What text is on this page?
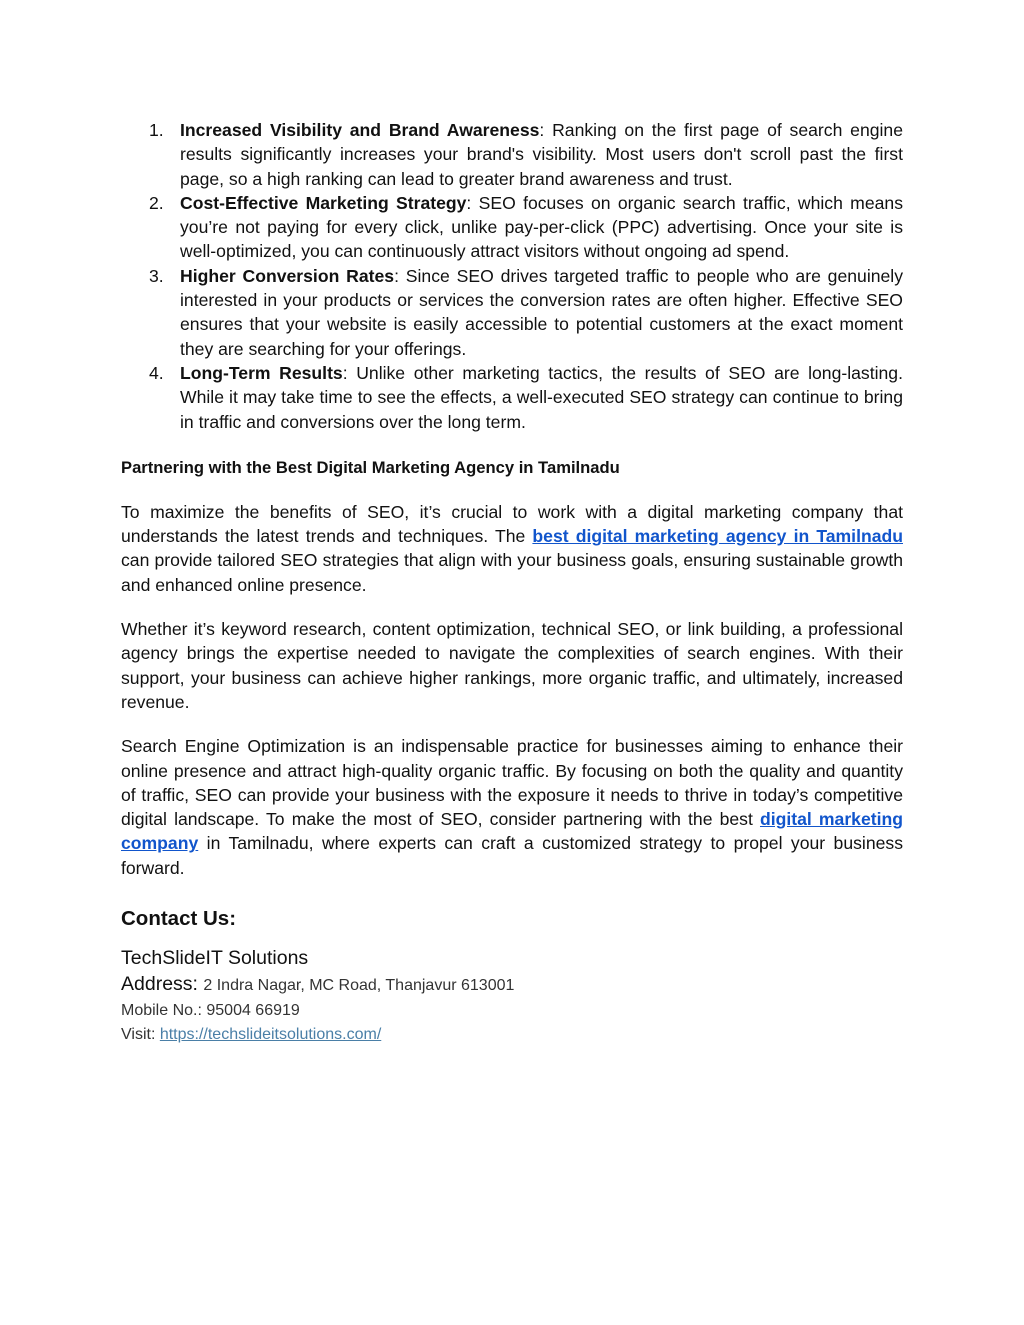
1. Increased Visibility and Brand Awareness: Ranking on the first page of search engine results significantly increases your brand's visibility. Most users don't scroll past the first page, so a high ranking can lead to greater brand awareness and trust.
2. Cost-Effective Marketing Strategy: SEO focuses on organic search traffic, which means you’re not paying for every click, unlike pay-per-click (PPC) advertising. Once your site is well-optimized, you can continuously attract visitors without ongoing ad spend.
3. Higher Conversion Rates: Since SEO drives targeted traffic to people who are genuinely interested in your products or services the conversion rates are often higher. Effective SEO ensures that your website is easily accessible to potential customers at the exact moment they are searching for your offerings.
4. Long-Term Results: Unlike other marketing tactics, the results of SEO are long-lasting. While it may take time to see the effects, a well-executed SEO strategy can continue to bring in traffic and conversions over the long term.
Partnering with the Best Digital Marketing Agency in Tamilnadu

To maximize the benefits of SEO, it’s crucial to work with a digital marketing company that understands the latest trends and techniques. The best digital marketing agency in Tamilnadu can provide tailored SEO strategies that align with your business goals, ensuring sustainable growth and enhanced online presence.

Whether it’s keyword research, content optimization, technical SEO, or link building, a professional agency brings the expertise needed to navigate the complexities of search engines. With their support, your business can achieve higher rankings, more organic traffic, and ultimately, increased revenue.

Search Engine Optimization is an indispensable practice for businesses aiming to enhance their online presence and attract high-quality organic traffic. By focusing on both the quality and quantity of traffic, SEO can provide your business with the exposure it needs to thrive in today’s competitive digital landscape. To make the most of SEO, consider partnering with the best digital marketing company in Tamilnadu, where experts can craft a customized strategy to propel your business forward.

Contact Us:
TechSlideIT Solutions
Address: 2 Indra Nagar, MC Road, Thanjavur 613001
Mobile No.: 95004 66919
Visit: https://techslideitsolutions.com/
